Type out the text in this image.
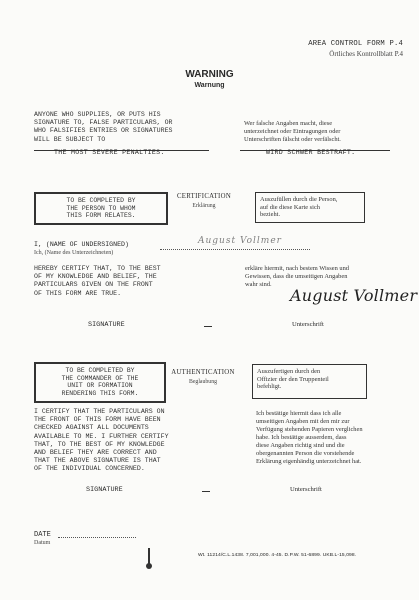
AREA CONTROL FORM P.4
Örtliches Kontrollblatt P.4
WARNING
Warnung
ANYONE WHO SUPPLIES, OR PUTS HIS
SIGNATURE TO, FALSE PARTICULARS, OR
WHO FALSIFIES ENTRIES OR SIGNATURES
WILL BE SUBJECT TO
Wer falsche Angaben macht, diese
unterzeichnet oder Eintragungen oder
Unterschriften fälscht oder verfälscht.
THE MOST SEVERE PENALTIES.	WIRD SCHWER BESTRAFT.
TO BE COMPLETED BY
THE PERSON TO WHOM
THIS FORM RELATES.
CERTIFICATION
Erklärung
Auszufüllen durch die Person,
auf die diese Karte sich
bezieht.
I, (NAME OF UNDERSIGNED)
Ich, (Name des Unterzeichneten)
August Vollmer
HEREBY CERTIFY THAT, TO THE BEST
OF MY KNOWLEDGE AND BELIEF, THE
PARTICULARS GIVEN ON THE FRONT
OF THIS FORM ARE TRUE.
erkläre hiermit, nach bestem Wissen und
Gewissen, dass die umseitigen Angaben
wahr sind.
August Vollmer
SIGNATURE	Unterschrift
TO BE COMPLETED BY
THE COMMANDER OF THE
UNIT OR FORMATION
RENDERING THIS FORM.
AUTHENTICATION
Beglaubung
Auszufertigen durch den
Offizier der den Truppenteil
befehligt.
I CERTIFY THAT THE PARTICULARS ON
THE FRONT OF THIS FORM HAVE BEEN
CHECKED AGAINST ALL DOCUMENTS
AVAILABLE TO ME. I FURTHER CERTIFY
THAT, TO THE BEST OF MY KNOWLEDGE
AND BELIEF THEY ARE CORRECT AND
THAT THE ABOVE SIGNATURE IS THAT
OF THE INDIVIDUAL CONCERNED.
Ich bestätige hiermit dass ich alle
umseitigen Angaben mit den mir zur
Verfügung stehenden Papieren verglichen
habe. Ich bestätige ausserdem, dass
diese Angaben richtig sind und die
obergenannten Person die vorstehende
Erklärung eigenhändig unterzeichnet hat.
SIGNATURE	Unterschrift
DATE
Datum
Wt. 11214/C.L.1438. 7,001,000. 4-45. D.P.W. 51-6899. UKB.L-15,098.
